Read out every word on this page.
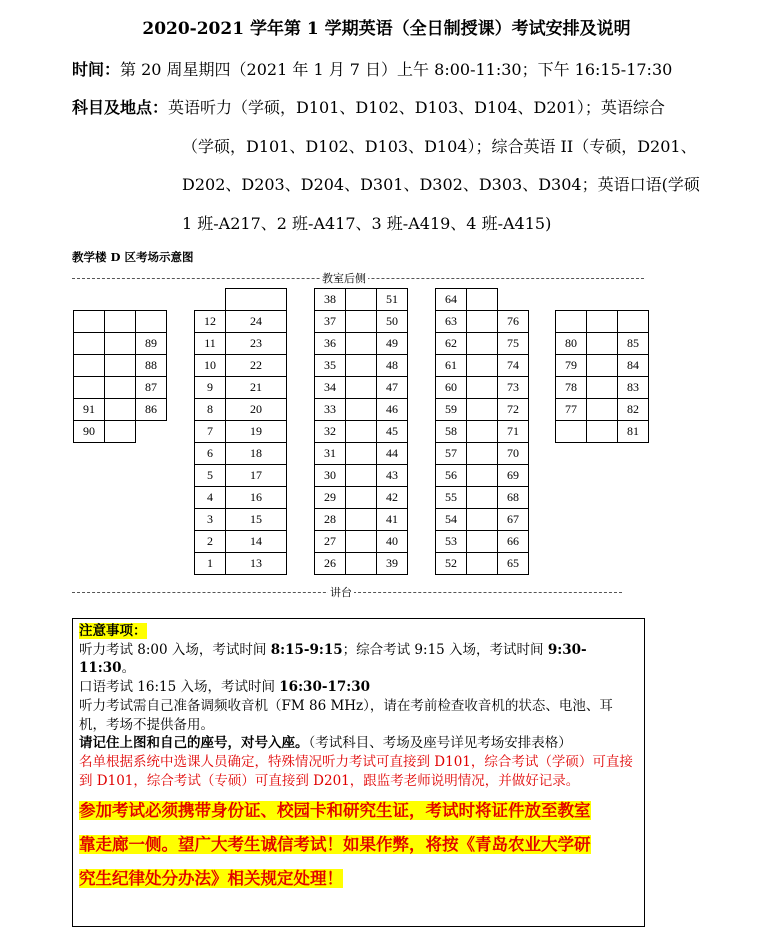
2020-2021 学年第 1 学期英语（全日制授课）考试安排及说明
时间：第 20 周星期四（2021 年 1 月 7 日）上午 8:00-11:30；下午 16:15-17:30
科目及地点：英语听力（学硕，D101、D102、D103、D104、D201）；英语综合
（学硕，D101、D102、D103、D104）；综合英语 II（专硕，D201、
D202、D203、D204、D301、D302、D303、D304；英语口语(学硕
1 班-A217、2 班-A417、3 班-A419、4 班-A415)
教学楼 D 区考场示意图
教室后侧
讲台

		89
		88
		87
91		86
90		

12	24
11	23
10	22
9	21
8	20
7	19
6	18
5	17
4	16
3	15
2	14
1	13
38		51
37		50
36		49
35		48
34		47
33		46
32		45
31		44
30		43
29		42
28		41
27		40
26		39
64		
63		76
62		75
61		74
60		73
59		72
58		71
57		70
56		69
55		68
54		67
53		66
52		65

80		85
79		84
78		83
77		82
		81
注意事项：
听力考试 8:00 入场，考试时间 8:15-9:15；综合考试 9:15 入场，考试时间 9:30-11:30。
口语考试 16:15 入场，考试时间 16:30-17:30
听力考试需自己准备调频收音机（FM 86 MHz），请在考前检查收音机的状态、电池、耳机，考场不提供备用。
请记住上图和自己的座号，对号入座。（考试科目、考场及座号详见考场安排表格）
名单根据系统中选课人员确定，特殊情况听力考试可直接到 D101，综合考试（学硕）可直接到 D101，综合考试（专硕）可直接到 D201，跟监考老师说明情况，并做好记录。
参加考试必须携带身份证、校园卡和研究生证，考试时将证件放至教室
靠走廊一侧。望广大考生诚信考试！如果作弊，将按《青岛农业大学研
究生纪律处分办法》相关规定处理！
